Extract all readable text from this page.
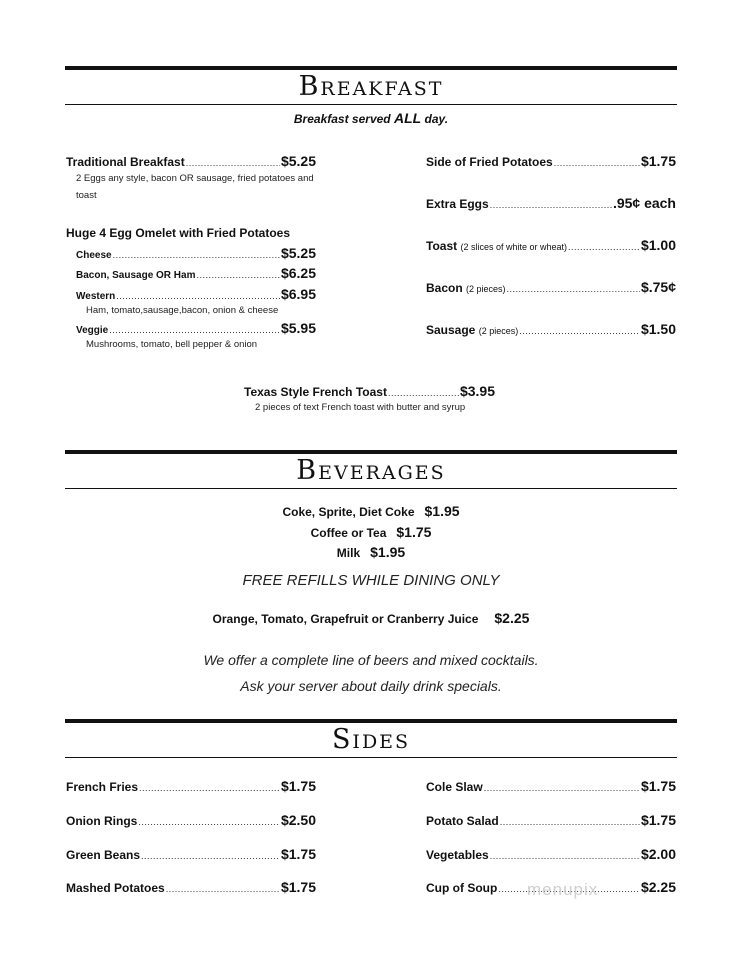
Breakfast
Breakfast served ALL day.
Traditional Breakfast .....	$5.25
2 Eggs any style, bacon OR sausage, fried potatoes and
toast
Huge 4 Egg Omelet with Fried Potatoes
Cheese .....	$5.25
Bacon, Sausage OR Ham .....	$6.25
Western .....	$6.95
Ham, tomato,sausage,bacon, onion & cheese
Veggie .....	$5.95
Mushrooms, tomato, bell pepper & onion
Side of Fried Potatoes .....	$1.75
Extra Eggs .....	.95¢ each
Toast (2 slices of white or wheat) .....	$1.00
Bacon (2 pieces) .....	$.75¢
Sausage (2 pieces) .....	$1.50
Texas Style French Toast .....	$3.95
2 pieces of text French toast with butter and syrup
Beverages
Coke, Sprite, Diet Coke $1.95
Coffee or Tea $1.75
Milk $1.95
FREE REFILLS WHILE DINING ONLY
Orange, Tomato, Grapefruit or Cranberry Juice $2.25
We offer a complete line of beers and mixed cocktails.
Ask your server about daily drink specials.
Sides
French Fries .....	$1.75
Onion Rings .....	$2.50
Green Beans .....	$1.75
Mashed Potatoes .....	$1.75
Cole Slaw .....	$1.75
Potato Salad .....	$1.75
Vegetables .....	$2.00
Cup of Soup .....	$2.25
menupix
